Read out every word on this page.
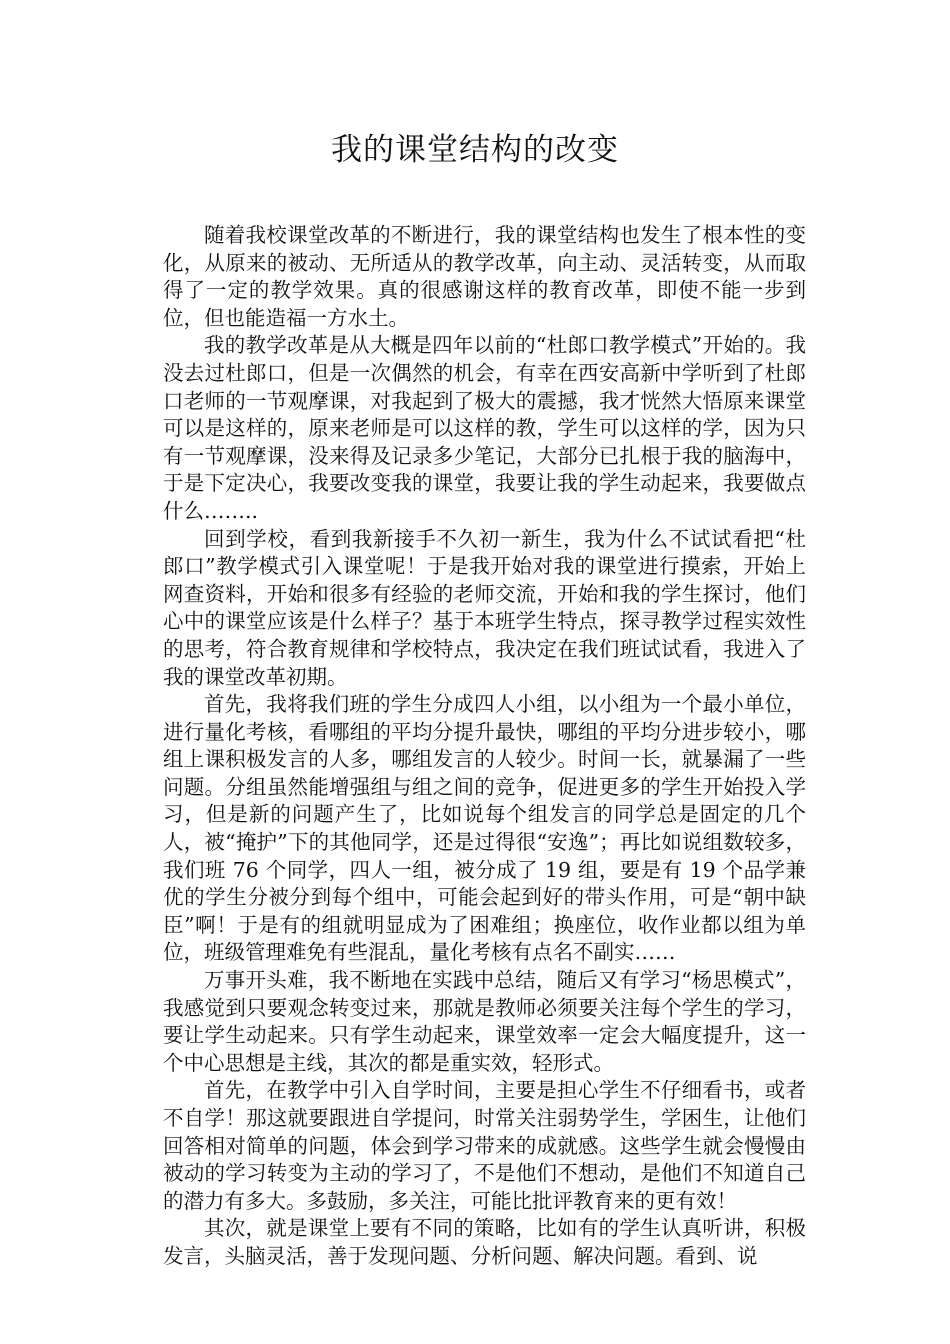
我的课堂结构的改变

随着我校课堂改革的不断进行，我的课堂结构也发生了根本性的变化，从原来的被动、无所适从的教学改革，向主动、灵活转变，从而取得了一定的教学效果。真的很感谢这样的教育改革，即使不能一步到位，但也能造福一方水土。

我的教学改革是从大概是四年以前的“杜郎口教学模式”开始的。我没去过杜郎口，但是一次偶然的机会，有幸在西安高新中学听到了杜郎口老师的一节观摩课，对我起到了极大的震撼，我才恍然大悟原来课堂可以是这样的，原来老师是可以这样的教，学生可以这样的学，因为只有一节观摩课，没来得及记录多少笔记，大部分已扎根于我的脑海中，于是下定决心，我要改变我的课堂，我要让我的学生动起来，我要做点什么……..

回到学校，看到我新接手不久初一新生，我为什么不试试看把“杜郎口”教学模式引入课堂呢！于是我开始对我的课堂进行摸索，开始上网查资料，开始和很多有经验的老师交流，开始和我的学生探讨，他们心中的课堂应该是什么样子？基于本班学生特点，探寻教学过程实效性的思考，符合教育规律和学校特点，我决定在我们班试试看，我进入了我的课堂改革初期。

首先，我将我们班的学生分成四人小组，以小组为一个最小单位，进行量化考核，看哪组的平均分提升最快，哪组的平均分进步较小，哪组上课积极发言的人多，哪组发言的人较少。时间一长，就暴漏了一些问题。分组虽然能增强组与组之间的竞争，促进更多的学生开始投入学习，但是新的问题产生了，比如说每个组发言的同学总是固定的几个人，被“掩护”下的其他同学，还是过得很“安逸”；再比如说组数较多，我们班 76 个同学，四人一组，被分成了 19 组，要是有 19 个品学兼优的学生分被分到每个组中，可能会起到好的带头作用，可是“朝中缺臣”啊！于是有的组就明显成为了困难组；换座位，收作业都以组为单位，班级管理难免有些混乱，量化考核有点名不副实……

万事开头难，我不断地在实践中总结，随后又有学习“杨思模式”，我感觉到只要观念转变过来，那就是教师必须要关注每个学生的学习，要让学生动起来。只有学生动起来，课堂效率一定会大幅度提升，这一个中心思想是主线，其次的都是重实效，轻形式。

首先，在教学中引入自学时间，主要是担心学生不仔细看书，或者不自学！那这就要跟进自学提问，时常关注弱势学生，学困生，让他们回答相对简单的问题，体会到学习带来的成就感。这些学生就会慢慢由被动的学习转变为主动的学习了，不是他们不想动，是他们不知道自己的潜力有多大。多鼓励，多关注，可能比批评教育来的更有效！

其次，就是课堂上要有不同的策略，比如有的学生认真听讲，积极发言，头脑灵活，善于发现问题、分析问题、解决问题。看到、说
